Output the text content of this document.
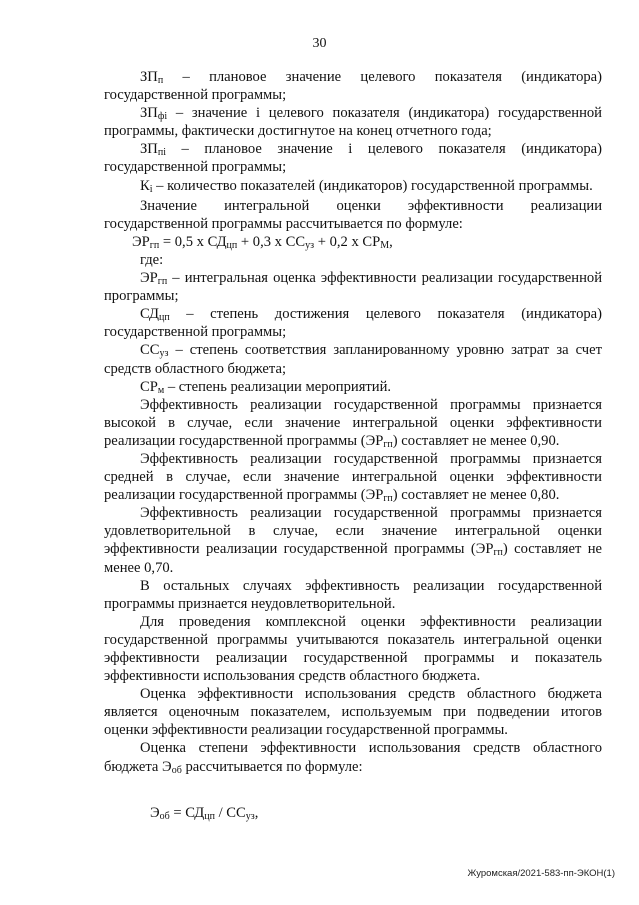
30

$ЗП_п$ – плановое значение целевого показателя (индикатора) государственной программы;

$ЗП_{фi}$ – значение i целевого показателя (индикатора) государственной программы, фактически достигнутое на конец отчетного года;

$ЗП_{пi}$ – плановое значение i целевого показателя (индикатора) государственной программы;

$К_i$ – количество показателей (индикаторов) государственной программы.

Значение интегральной оценки эффективности реализации государственной программы рассчитывается по формуле:

$ЭР_{гп} = 0,5$ х $СД_{цп} + 0,3$ х $СС_{уз} + 0,2$ х $СР_М$,

где:

$ЭР_{гп}$ – интегральная оценка эффективности реализации государственной программы;

$СД_{цп}$ – степень достижения целевого показателя (индикатора) государственной программы;

$СС_{уз}$ – степень соответствия запланированному уровню затрат за счет средств областного бюджета;

$СР_м$ – степень реализации мероприятий.

Эффективность реализации государственной программы признается высокой в случае, если значение интегральной оценки эффективности реализации государственной программы $(ЭР_{гп})$ составляет не менее 0,90.

Эффективность реализации государственной программы признается средней в случае, если значение интегральной оценки эффективности реализации государственной программы $(ЭР_{гп})$ составляет не менее 0,80.

Эффективность реализации государственной программы признается удовлетворительной в случае, если значение интегральной оценки эффективности реализации государственной программы $(ЭР_{гп})$ составляет не менее 0,70.

В остальных случаях эффективность реализации государственной программы признается неудовлетворительной.

Для проведения комплексной оценки эффективности реализации государственной программы учитываются показатель интегральной оценки эффективности реализации государственной программы и показатель эффективности использования средств областного бюджета.

Оценка эффективности использования средств областного бюджета является оценочным показателем, используемым при подведении итогов оценки эффективности реализации государственной программы.

Оценка степени эффективности использования средств областного бюджета $Э_{об}$ рассчитывается по формуле:

$Э_{об} = СД_{цп} / СС_{уз}$,

Журомская/2021-583-пп-ЭКОН(1)
